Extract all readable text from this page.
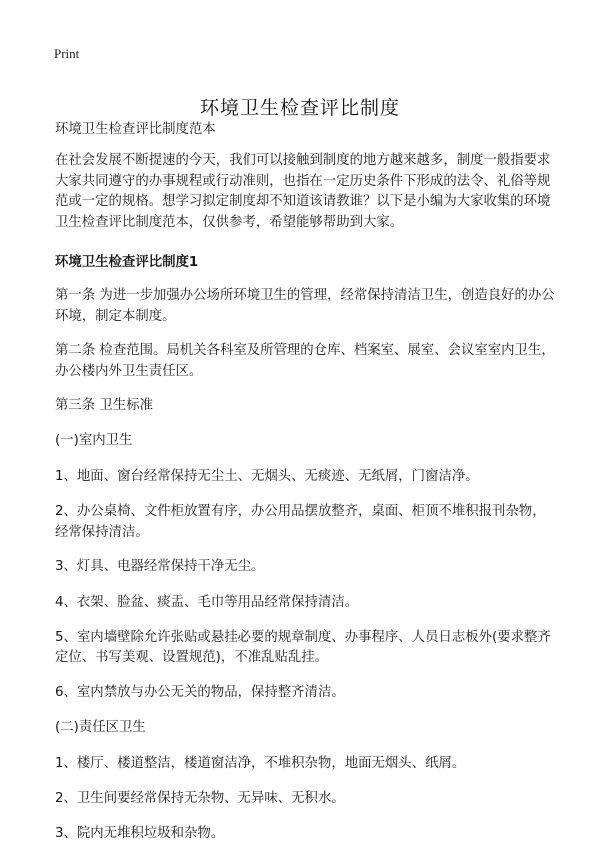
Print
环境卫生检查评比制度

环境卫生检查评比制度范本

在社会发展不断提速的今天，我们可以接触到制度的地方越来越多，制度一般指要求大家共同遵守的办事规程或行动准则，也指在一定历史条件下形成的法令、礼俗等规范或一定的规格。想学习拟定制度却不知道该请教谁？以下是小编为大家收集的环境卫生检查评比制度范本，仅供参考，希望能够帮助到大家。

环境卫生检查评比制度1

第一条 为进一步加强办公场所环境卫生的管理，经常保持清洁卫生，创造良好的办公环境，制定本制度。

第二条 检查范围。局机关各科室及所管理的仓库、档案室、展室、会议室室内卫生，办公楼内外卫生责任区。

第三条 卫生标准

(一)室内卫生

1、地面、窗台经常保持无尘土、无烟头、无痰迹、无纸屑，门窗洁净。

2、办公桌椅、文件柜放置有序，办公用品摆放整齐，桌面、柜顶不堆积报刊杂物，经常保持清洁。

3、灯具、电器经常保持干净无尘。

4、衣架、脸盆、痰盂、毛巾等用品经常保持清洁。

5、室内墙壁除允许张贴或悬挂必要的规章制度、办事程序、人员日志板外(要求整齐定位、书写美观、设置规范)，不准乱贴乱挂。

6、室内禁放与办公无关的物品，保持整齐清洁。

(二)责任区卫生

1、楼厅、楼道整洁，楼道窗洁净，不堆积杂物，地面无烟头、纸屑。

2、卫生间要经常保持无杂物、无异味、无积水。

3、院内无堆积垃圾和杂物。
